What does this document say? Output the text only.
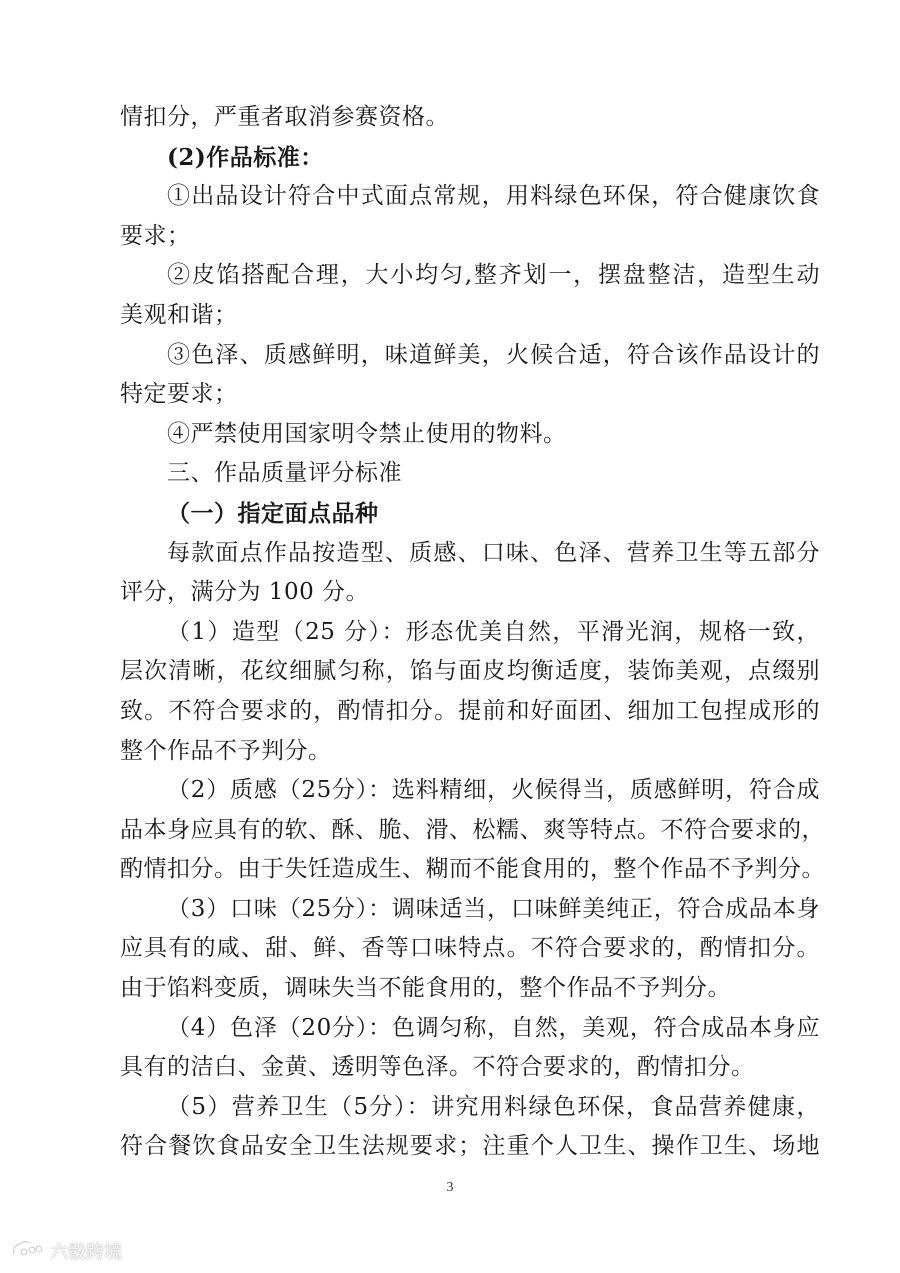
情扣分，严重者取消参赛资格。
(2)作品标准：
①出品设计符合中式面点常规，用料绿色环保，符合健康饮食
要求；
②皮馅搭配合理，大小均匀,整齐划一，摆盘整洁，造型生动
美观和谐；
③色泽、质感鲜明，味道鲜美，火候合适，符合该作品设计的
特定要求；
④严禁使用国家明令禁止使用的物料。
三、作品质量评分标准
（一）指定面点品种
每款面点作品按造型、质感、口味、色泽、营养卫生等五部分
评分，满分为 100 分。
（1）造型（25 分）：形态优美自然，平滑光润，规格一致，
层次清晰，花纹细腻匀称，馅与面皮均衡适度，装饰美观，点缀别
致。不符合要求的，酌情扣分。提前和好面团、细加工包捏成形的
整个作品不予判分。
（2）质感（25分）：选料精细，火候得当，质感鲜明，符合成
品本身应具有的软、酥、脆、滑、松糯、爽等特点。不符合要求的，
酌情扣分。由于失饪造成生、糊而不能食用的，整个作品不予判分。
（3）口味（25分）：调味适当，口味鲜美纯正，符合成品本身
应具有的咸、甜、鲜、香等口味特点。不符合要求的，酌情扣分。
由于馅料变质，调味失当不能食用的，整个作品不予判分。
（4）色泽（20分）：色调匀称，自然，美观，符合成品本身应
具有的洁白、金黄、透明等色泽。不符合要求的，酌情扣分。
（5）营养卫生（5分）：讲究用料绿色环保，食品营养健康，
符合餐饮食品安全卫生法规要求；注重个人卫生、操作卫生、场地
3
六骰跨境
